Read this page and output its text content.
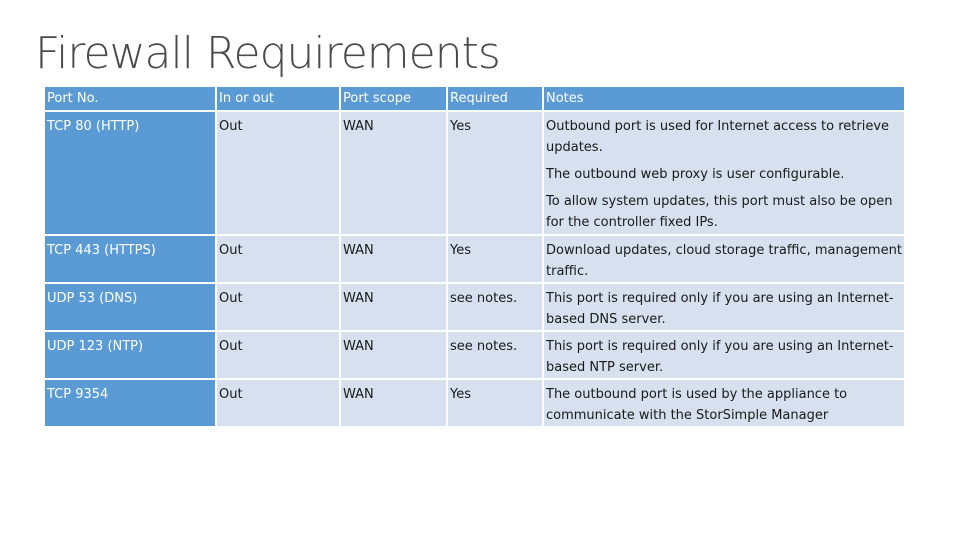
Firewall Requirements
Port No.	In or out	Port scope	Required	Notes
TCP 80 (HTTP)	Out	WAN	Yes	Outbound port is used for Internet access to retrieve updates.

The outbound web proxy is user configurable.

To allow system updates, this port must also be open for the controller fixed IPs.

TCP 443 (HTTPS)	Out	WAN	Yes	Download updates, cloud storage traffic, management traffic.

UDP 53 (DNS)	Out	WAN	see notes.	This port is required only if you are using an Internet-based DNS server.

UDP 123 (NTP)	Out	WAN	see notes.	This port is required only if you are using an Internet-based NTP server.

TCP 9354	Out	WAN	Yes	The outbound port is used by the appliance to communicate with the StorSimple Manager
